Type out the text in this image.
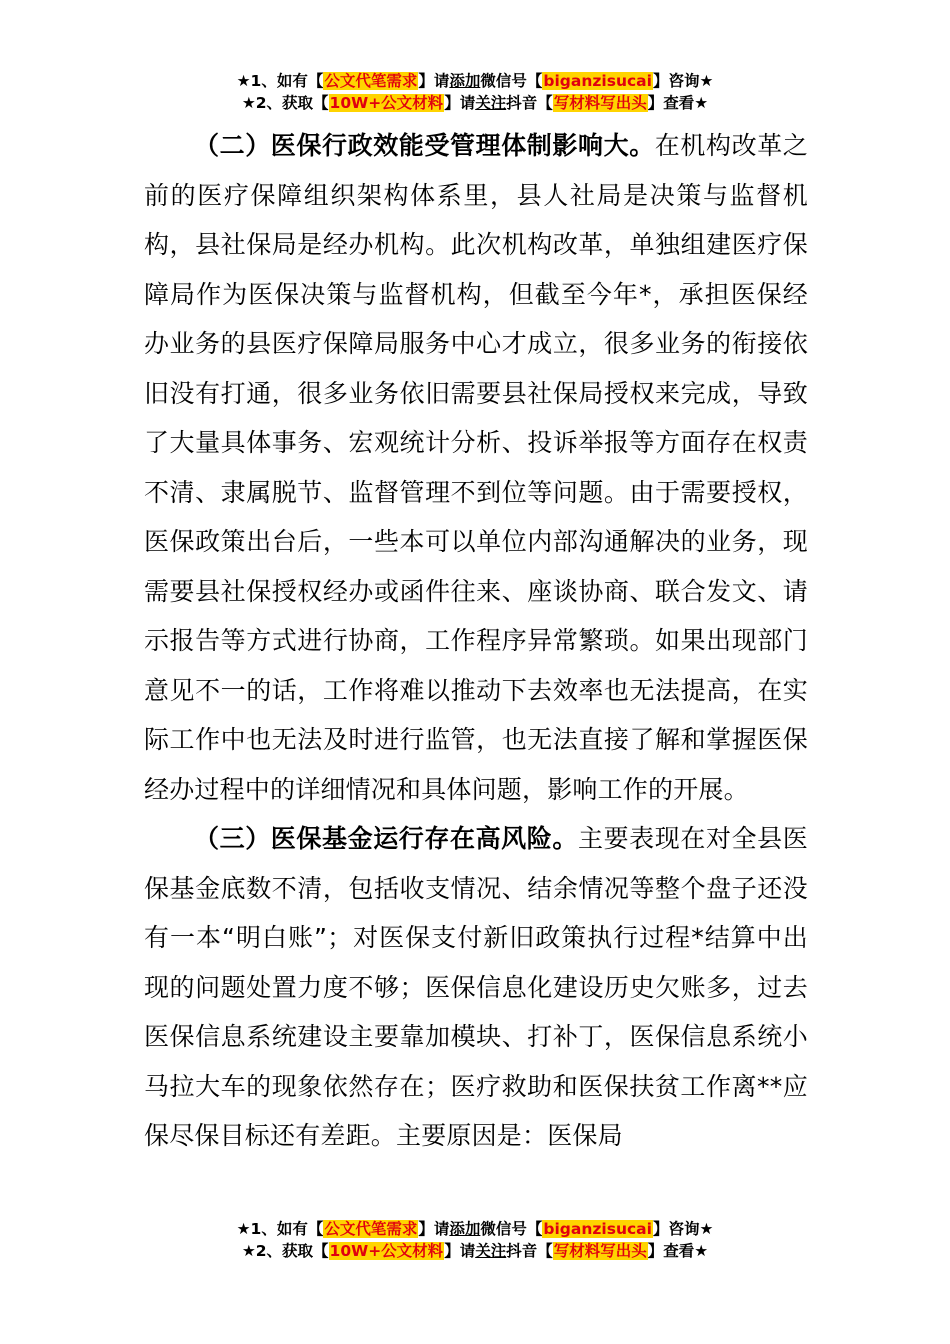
★1、如有【公文代笔需求】请添加微信号【biganzisucai】咨询★
★2、获取【10W+公文材料】请关注抖音【写材料写出头】查看★

（二）医保行政效能受管理体制影响大。在机构改革之前的医疗保障组织架构体系里，县人社局是决策与监督机构，县社保局是经办机构。此次机构改革，单独组建医疗保障局作为医保决策与监督机构，但截至今年*，承担医保经办业务的县医疗保障局服务中心才成立，很多业务的衔接依旧没有打通，很多业务依旧需要县社保局授权来完成，导致了大量具体事务、宏观统计分析、投诉举报等方面存在权责不清、隶属脱节、监督管理不到位等问题。由于需要授权，医保政策出台后，一些本可以单位内部沟通解决的业务，现需要县社保授权经办或函件往来、座谈协商、联合发文、请示报告等方式进行协商，工作程序异常繁琐。如果出现部门意见不一的话，工作将难以推动下去效率也无法提高，在实际工作中也无法及时进行监管，也无法直接了解和掌握医保经办过程中的详细情况和具体问题，影响工作的开展。

（三）医保基金运行存在高风险。主要表现在对全县医保基金底数不清，包括收支情况、结余情况等整个盘子还没有一本“明白账”；对医保支付新旧政策执行过程*结算中出现的问题处置力度不够；医保信息化建设历史欠账多，过去医保信息系统建设主要靠加模块、打补丁，医保信息系统小马拉大车的现象依然存在；医疗救助和医保扶贫工作离**应保尽保目标还有差距。主要原因是：医保局

★1、如有【公文代笔需求】请添加微信号【biganzisucai】咨询★
★2、获取【10W+公文材料】请关注抖音【写材料写出头】查看★
